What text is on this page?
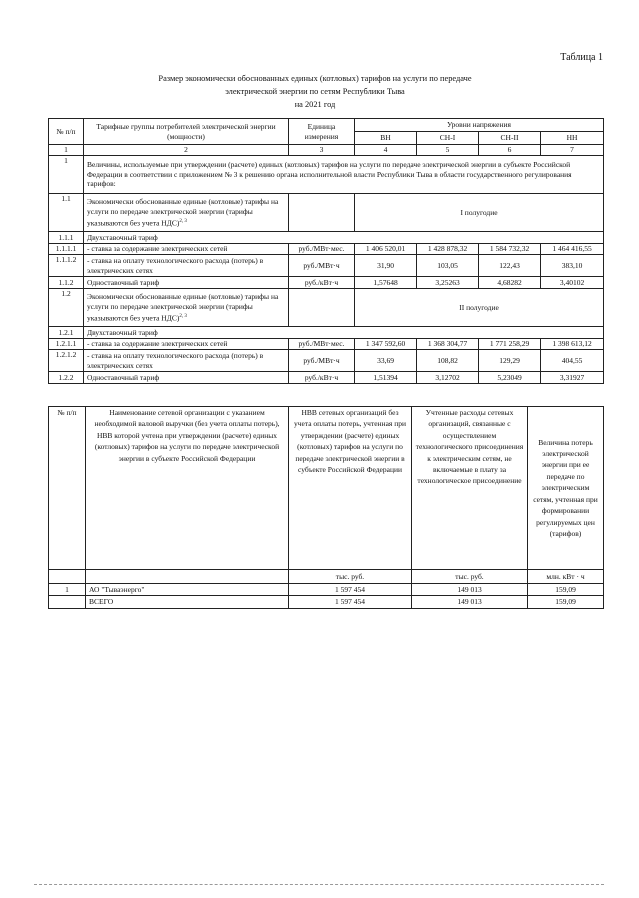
Таблица 1
Размер экономически обоснованных единых (котловых) тарифов на услуги по передаче
электрической энергии по сетям Республики Тыва
на 2021 год
№ п/п	Тарифные группы потребителей электрической энергии (мощности)	Единица измерения	Уровни напряжения			
			ВН	СН-I	СН-II	НН
1	2	3	4	5	6	7
1	Величины, используемые при утверждении (расчете) единых (котловых) тарифов на услуги по передаче электрической энергии в субъекте Российской Федерации в соответствии с приложением № 3 к решению органа исполнительной власти Республики Тыва в области государственного регулирования тарифов:					
1.1	Экономически обоснованные единые (котловые) тарифы на услуги по передаче электрической энергии (тарифы указываются без учета НДС)$^{2, 3}$		I полугодие			
1.1.1	Двухставочный тариф					
1.1.1.1	- ставка за содержание электрических сетей	руб./МВт·мес.	1 406 520,01	1 428 878,32	1 584 732,32	1 464 416,55
1.1.1.2	- ставка на оплату технологического расхода (потерь) в электрических сетях	руб./МВт·ч	31,90	103,05	122,43	383,10
1.1.2	Одноставочный тариф	руб./кВт·ч	1,57648	3,25263	4,68282	3,40102
1.2	Экономически обоснованные единые (котловые) тарифы на услуги по передаче электрической энергии (тарифы указываются без учета НДС)$^{2, 3}$		II полугодие			
1.2.1	Двухставочный тариф					
1.2.1.1	- ставка за содержание электрических сетей	руб./МВт·мес.	1 347 592,60	1 368 304,77	1 771 258,29	1 398 613,12
1.2.1.2	- ставка на оплату технологического расхода (потерь) в электрических сетях	руб./МВт·ч	33,69	108,82	129,29	404,55
1.2.2	Одноставочный тариф	руб./кВт·ч	1,51394	3,12702	5,23049	3,31927
№ п/п	Наименование сетевой организации с указанием необходимой валовой выручки (без учета оплаты потерь), НВВ которой учтена при утверждении (расчете) единых (котловых) тарифов на услуги по передаче электрической энергии в субъекте Российской Федерации	НВВ сетевых организаций без учета оплаты потерь, учтенная при утверждении (расчете) единых (котловых) тарифов на услуги по передаче электрической энергии в субъекте Российской Федерации	Учтенные расходы сетевых организаций, связанные с осуществлением технологического присоединения к электрическим сетям, не включаемые в плату за технологическое присоединение	Величина потерь электрической энергии при ее передаче по электрическим сетям, учтенная при формировании регулируемых цен (тарифов)
		тыс. руб.	тыс. руб.	млн. кВт · ч
1	АО "Тываэнерго"	1 597 454	149 013	159,09
	ВСЕГО	1 597 454	149 013	159,09
